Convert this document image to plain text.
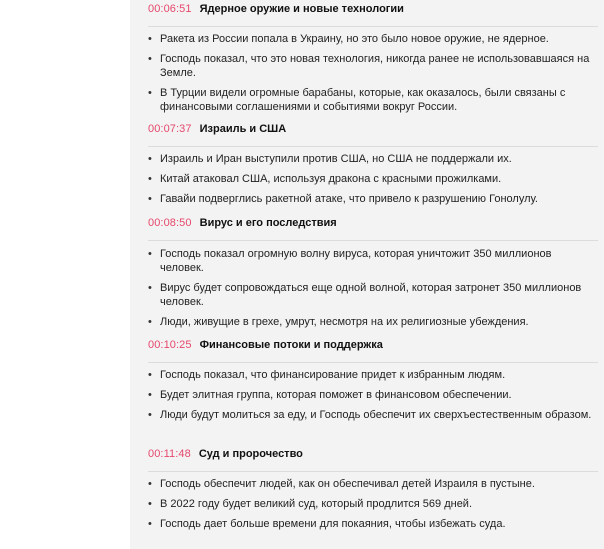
00:06:51 Ядерное оружие и новые технологии
• Ракета из России попала в Украину, но это было новое оружие, не ядерное.
• Господь показал, что это новая технология, никогда ранее не использовавшаяся на Земле.
• В Турции видели огромные барабаны, которые, как оказалось, были связаны с финансовыми соглашениями и событиями вокруг России.
00:07:37 Израиль и США
• Израиль и Иран выступили против США, но США не поддержали их.
• Китай атаковал США, используя дракона с красными прожилками.
• Гавайи подверглись ракетной атаке, что привело к разрушению Гонолулу.
00:08:50 Вирус и его последствия
• Господь показал огромную волну вируса, которая уничтожит 350 миллионов человек.
• Вирус будет сопровождаться еще одной волной, которая затронет 350 миллионов человек.
• Люди, живущие в грехе, умрут, несмотря на их религиозные убеждения.
00:10:25 Финансовые потоки и поддержка
• Господь показал, что финансирование придет к избранным людям.
• Будет элитная группа, которая поможет в финансовом обеспечении.
• Люди будут молиться за еду, и Господь обеспечит их сверхъестественным образом.
00:11:48 Суд и пророчество
• Господь обеспечит людей, как он обеспечивал детей Израиля в пустыне.
• В 2022 году будет великий суд, который продлится 569 дней.
• Господь дает больше времени для покаяния, чтобы избежать суда.
